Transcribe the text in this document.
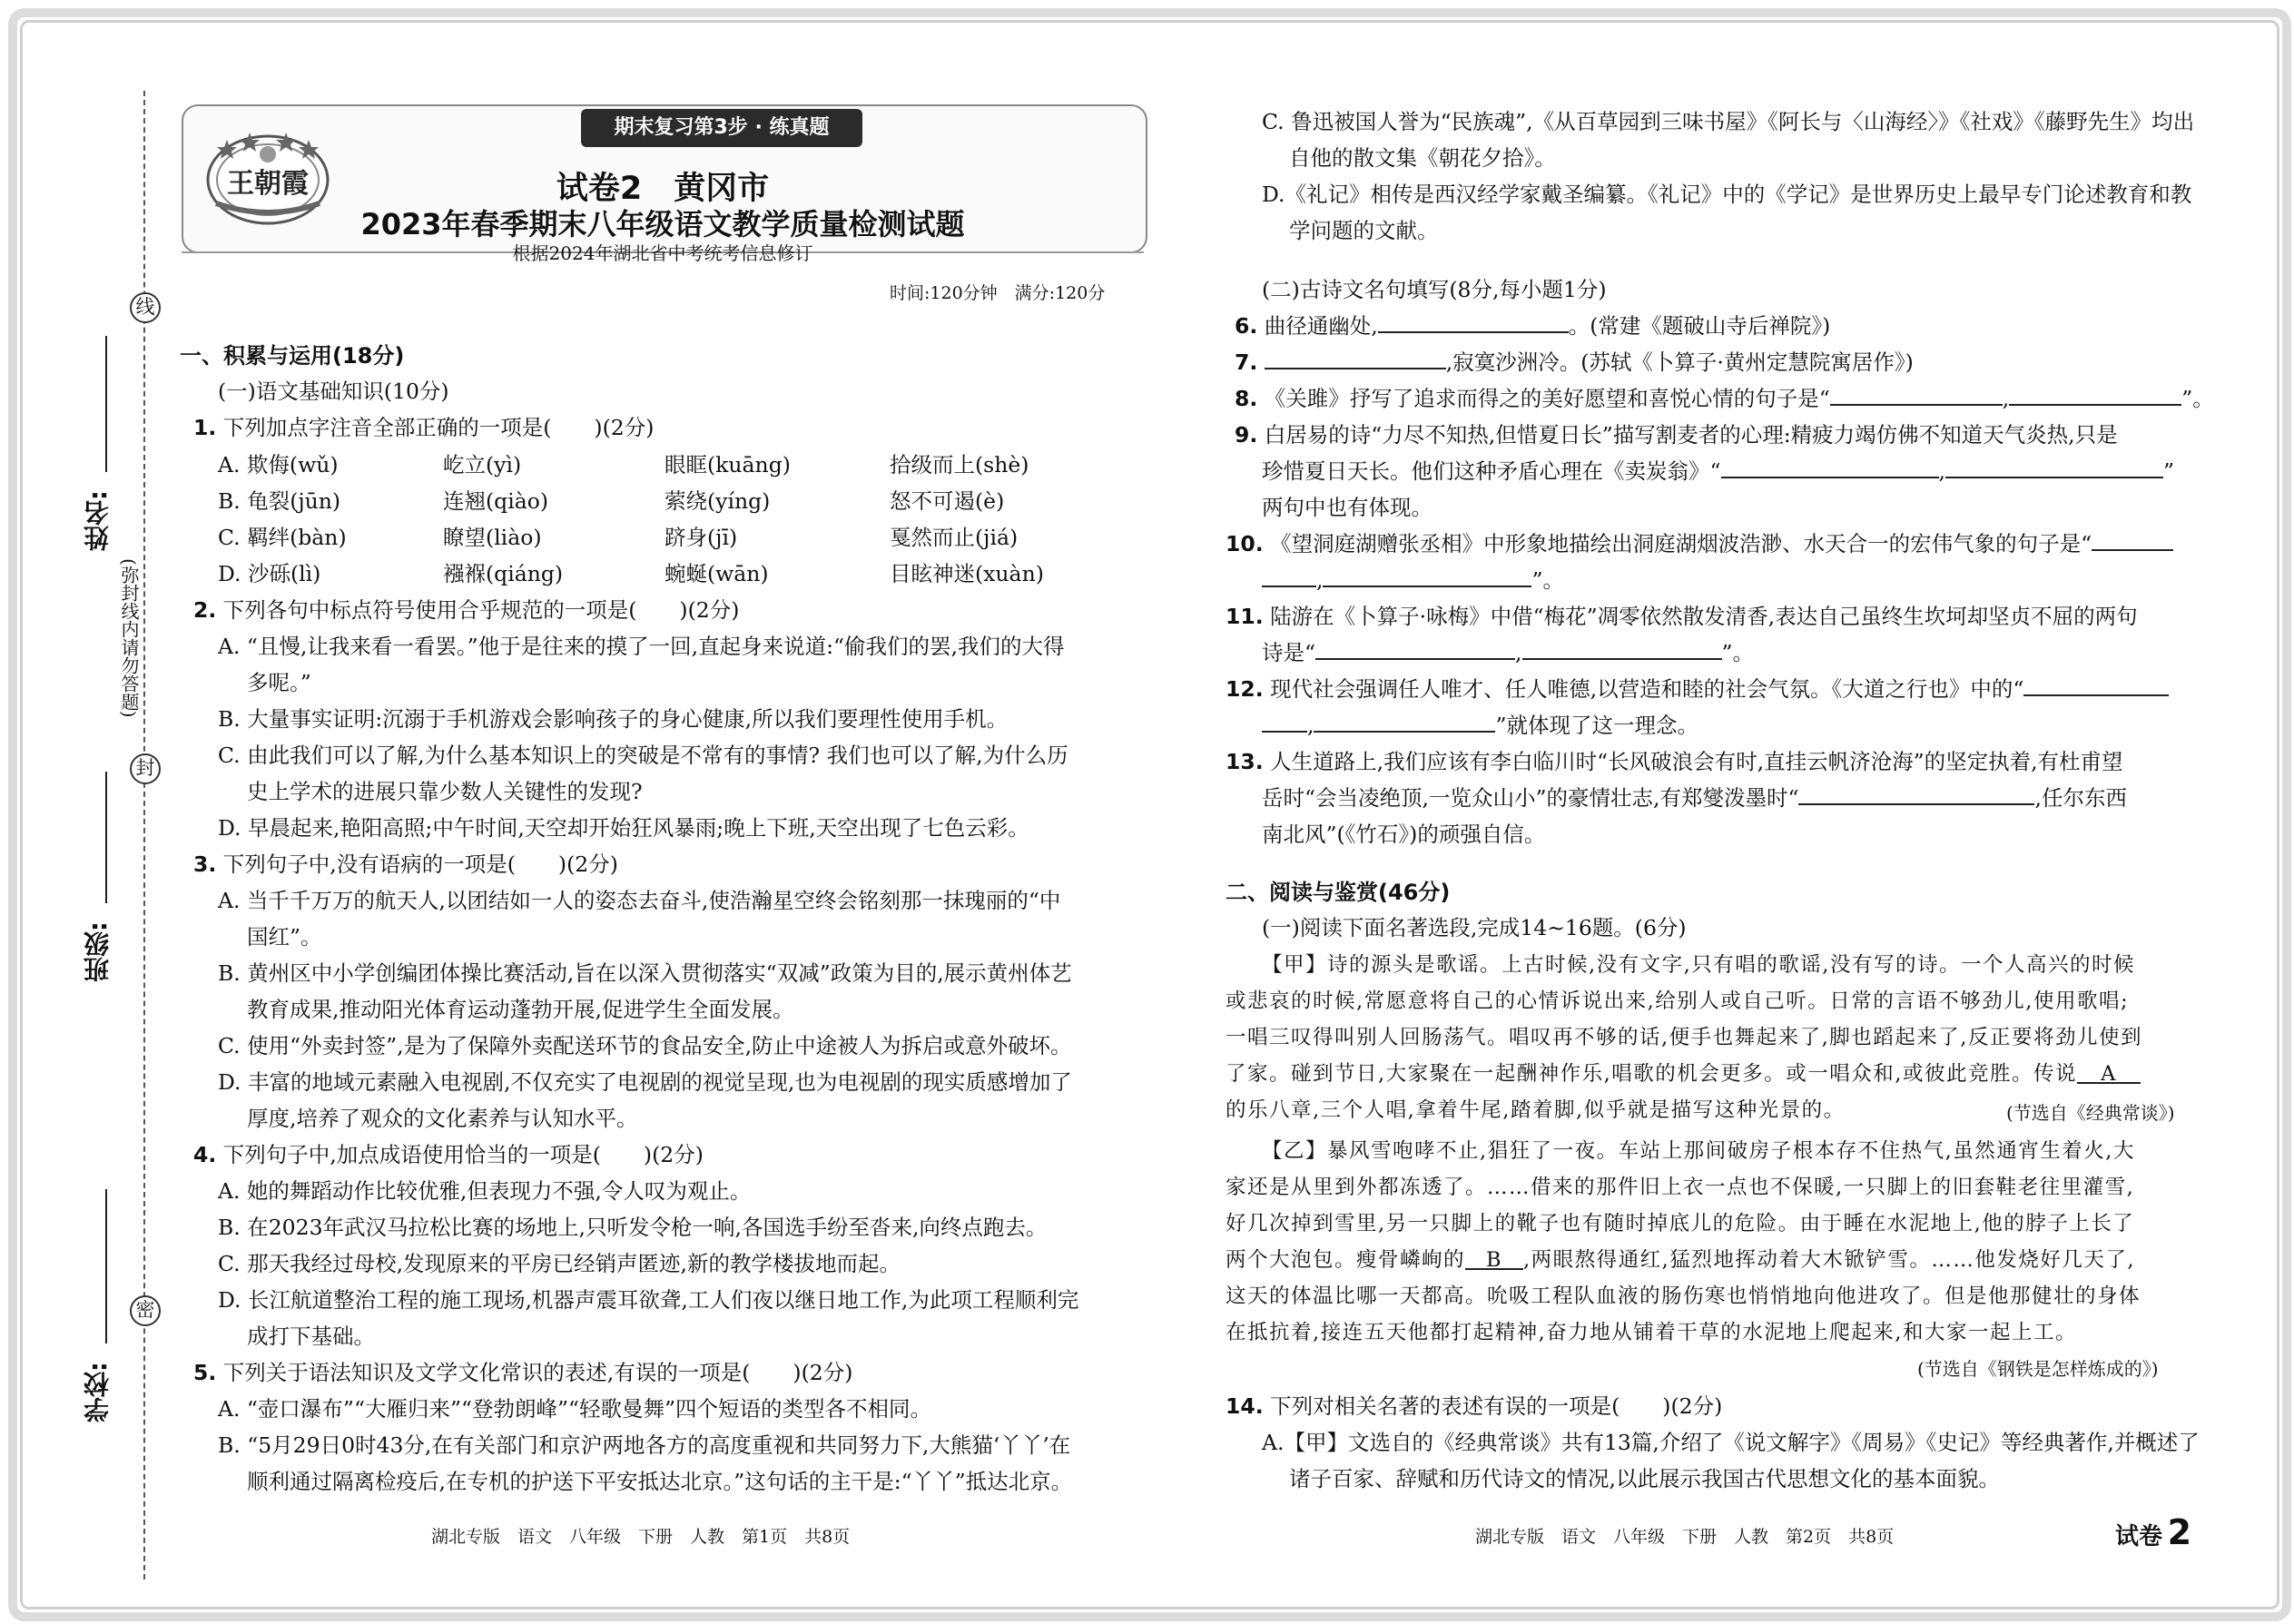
线
封
密
姓名:
班级:
学校:
(弥封线内请勿答题)
王朝霞
期末复习第3步 · 练真题
试卷2　黄冈市
2023年春季期末八年级语文教学质量检测试题
根据2024年湖北省中考统考信息修订
时间:120分钟　满分:120分
一、积累与运用(18分)
(一)语文基础知识(10分)
1. 下列加点字注音全部正确的一项是(　　)(2分)
A. 欺侮(wǔ)	屹立(yì)	眼眶(kuāng)	拾级而上(shè)
B. 龟裂(jūn)	连翘(qiào)	萦绕(yíng)	怒不可遏(è)
C. 羁绊(bàn)	瞭望(liào)	跻身(jī)	戛然而止(jiá)
D. 沙砾(lì)	襁褓(qiáng)	蜿蜒(wān)	目眩神迷(xuàn)
2. 下列各句中标点符号使用合乎规范的一项是(　　)(2分)
A. “且慢,让我来看一看罢。”他于是往来的摸了一回,直起身来说道:“偷我们的罢,我们的大得
多呢。”
B. 大量事实证明:沉溺于手机游戏会影响孩子的身心健康,所以我们要理性使用手机。
C. 由此我们可以了解,为什么基本知识上的突破是不常有的事情? 我们也可以了解,为什么历
史上学术的进展只靠少数人关键性的发现?
D. 早晨起来,艳阳高照;中午时间,天空却开始狂风暴雨;晚上下班,天空出现了七色云彩。
3. 下列句子中,没有语病的一项是(　　)(2分)
A. 当千千万万的航天人,以团结如一人的姿态去奋斗,使浩瀚星空终会铭刻那一抹瑰丽的“中
国红”。
B. 黄州区中小学创编团体操比赛活动,旨在以深入贯彻落实“双减”政策为目的,展示黄州体艺
教育成果,推动阳光体育运动蓬勃开展,促进学生全面发展。
C. 使用“外卖封签”,是为了保障外卖配送环节的食品安全,防止中途被人为拆启或意外破坏。
D. 丰富的地域元素融入电视剧,不仅充实了电视剧的视觉呈现,也为电视剧的现实质感增加了
厚度,培养了观众的文化素养与认知水平。
4. 下列句子中,加点成语使用恰当的一项是(　　)(2分)
A. 她的舞蹈动作比较优雅,但表现力不强,令人叹为观止。
B. 在2023年武汉马拉松比赛的场地上,只听发令枪一响,各国选手纷至沓来,向终点跑去。
C. 那天我经过母校,发现原来的平房已经销声匿迹,新的教学楼拔地而起。
D. 长江航道整治工程的施工现场,机器声震耳欲聋,工人们夜以继日地工作,为此项工程顺利完
成打下基础。
5. 下列关于语法知识及文学文化常识的表述,有误的一项是(　　)(2分)
A. “壶口瀑布”“大雁归来”“登勃朗峰”“轻歌曼舞”四个短语的类型各不相同。
B. “5月29日0时43分,在有关部门和京沪两地各方的高度重视和共同努力下,大熊猫‘丫丫’在
顺利通过隔离检疫后,在专机的护送下平安抵达北京。”这句话的主干是:“丫丫”抵达北京。
湖北专版　语文　八年级　下册　人教　第1页　共8页
C. 鲁迅被国人誉为“民族魂”,《从百草园到三味书屋》《阿长与〈山海经〉》《社戏》《藤野先生》均出
自他的散文集《朝花夕拾》。
D.《礼记》相传是西汉经学家戴圣编纂。《礼记》中的《学记》是世界历史上最早专门论述教育和教
学问题的文献。
(二)古诗文名句填写(8分,每小题1分)
6. 曲径通幽处,	。(常建《题破山寺后禅院》)
7.	,寂寞沙洲冷。(苏轼《卜算子·黄州定慧院寓居作》)
8. 《关雎》抒写了追求而得之的美好愿望和喜悦心情的句子是“	,	”。
9. 白居易的诗“力尽不知热,但惜夏日长”描写割麦者的心理:精疲力竭仿佛不知道天气炎热,只是
珍惜夏日天长。他们这种矛盾心理在《卖炭翁》“	,	”
两句中也有体现。
10. 《望洞庭湖赠张丞相》中形象地描绘出洞庭湖烟波浩渺、水天合一的宏伟气象的句子是“
,	”。
11. 陆游在《卜算子·咏梅》中借“梅花”凋零依然散发清香,表达自己虽终生坎坷却坚贞不屈的两句
诗是“	,	”。
12. 现代社会强调任人唯才、任人唯德,以营造和睦的社会气氛。《大道之行也》中的“
,	”就体现了这一理念。
13. 人生道路上,我们应该有李白临川时“长风破浪会有时,直挂云帆济沧海”的坚定执着,有杜甫望
岳时“会当凌绝顶,一览众山小”的豪情壮志,有郑燮泼墨时“	,任尔东西
南北风”(《竹石》)的顽强自信。
二、阅读与鉴赏(46分)
(一)阅读下面名著选段,完成14~16题。(6分)
【甲】诗的源头是歌谣。上古时候,没有文字,只有唱的歌谣,没有写的诗。一个人高兴的时候
或悲哀的时候,常愿意将自己的心情诉说出来,给别人或自己听。日常的言语不够劲儿,使用歌唱;
一唱三叹得叫别人回肠荡气。唱叹再不够的话,便手也舞起来了,脚也蹈起来了,反正要将劲儿使到
了家。碰到节日,大家聚在一起酬神作乐,唱歌的机会更多。或一唱众和,或彼此竞胜。传说 A
的乐八章,三个人唱,拿着牛尾,踏着脚,似乎就是描写这种光景的。	(节选自《经典常谈》)
【乙】暴风雪咆哮不止,猖狂了一夜。车站上那间破房子根本存不住热气,虽然通宵生着火,大
家还是从里到外都冻透了。……借来的那件旧上衣一点也不保暖,一只脚上的旧套鞋老往里灌雪,
好几次掉到雪里,另一只脚上的靴子也有随时掉底儿的危险。由于睡在水泥地上,他的脖子上长了
两个大泡包。瘦骨嶙峋的 B ,两眼熬得通红,猛烈地挥动着大木锨铲雪。……他发烧好几天了,
这天的体温比哪一天都高。吮吸工程队血液的肠伤寒也悄悄地向他进攻了。但是他那健壮的身体
在抵抗着,接连五天他都打起精神,奋力地从铺着干草的水泥地上爬起来,和大家一起上工。
(节选自《钢铁是怎样炼成的》)
14. 下列对相关名著的表述有误的一项是(　　)(2分)
A.【甲】文选自的《经典常谈》共有13篇,介绍了《说文解字》《周易》《史记》等经典著作,并概述了
诸子百家、辞赋和历代诗文的情况,以此展示我国古代思想文化的基本面貌。
湖北专版　语文　八年级　下册　人教　第2页　共8页	试卷 2
